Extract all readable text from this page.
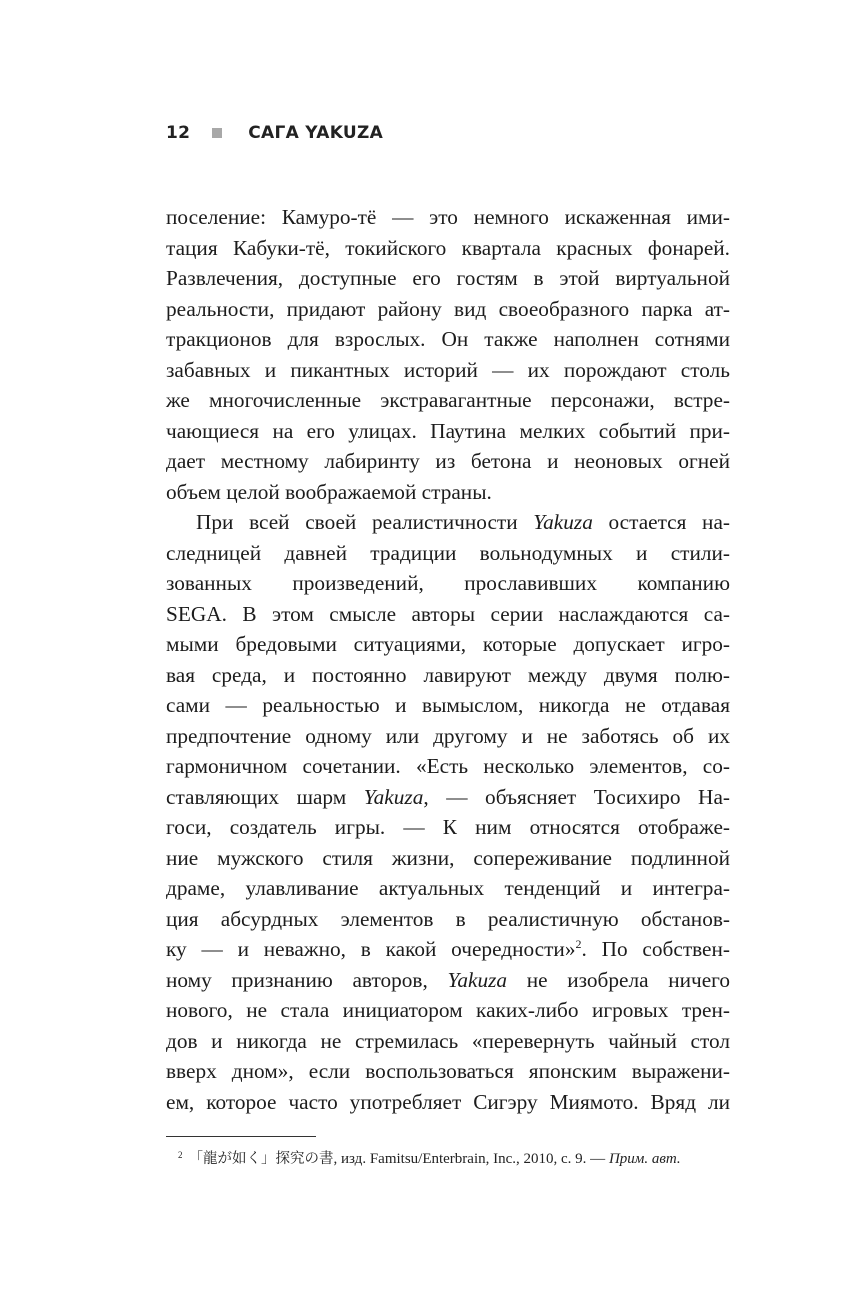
12	САГА YAKUZA
поселение: Камуро-тё — это немного искаженная ими-
тация Кабуки-тё, токийского квартала красных фонарей.
Развлечения, доступные его гостям в этой виртуальной
реальности, придают району вид своеобразного парка ат-
тракционов для взрослых. Он также наполнен сотнями
забавных и пикантных историй — их порождают столь
же многочисленные экстравагантные персонажи, встре-
чающиеся на его улицах. Паутина мелких событий при-
дает местному лабиринту из бетона и неоновых огней
объем целой воображаемой страны.
При всей своей реалистичности Yakuza остается на-
следницей давней традиции вольнодумных и стили-
зованных произведений, прославивших компанию
SEGA. В этом смысле авторы серии наслаждаются са-
мыми бредовыми ситуациями, которые допускает игро-
вая среда, и постоянно лавируют между двумя полю-
сами — реальностью и вымыслом, никогда не отдавая
предпочтение одному или другому и не заботясь об их
гармоничном сочетании. «Есть несколько элементов, со-
ставляющих шарм Yakuza, — объясняет Тосихиро На-
госи, создатель игры. — К ним относятся отображе-
ние мужского стиля жизни, сопереживание подлинной
драме, улавливание актуальных тенденций и интегра-
ция абсурдных элементов в реалистичную обстанов-
ку — и неважно, в какой очередности»$^2$. По собствен-
ному признанию авторов, Yakuza не изобрела ничего
нового, не стала инициатором каких-либо игровых трен-
дов и никогда не стремилась «перевернуть чайный стол
вверх дном», если воспользоваться японским выражени-
ем, которое часто употребляет Сигэру Миямото. Вряд ли
$^2$ 「龍が如く」探究の書, изд. Famitsu/Enterbrain, Inc., 2010, с. 9. — Прим. авт.
